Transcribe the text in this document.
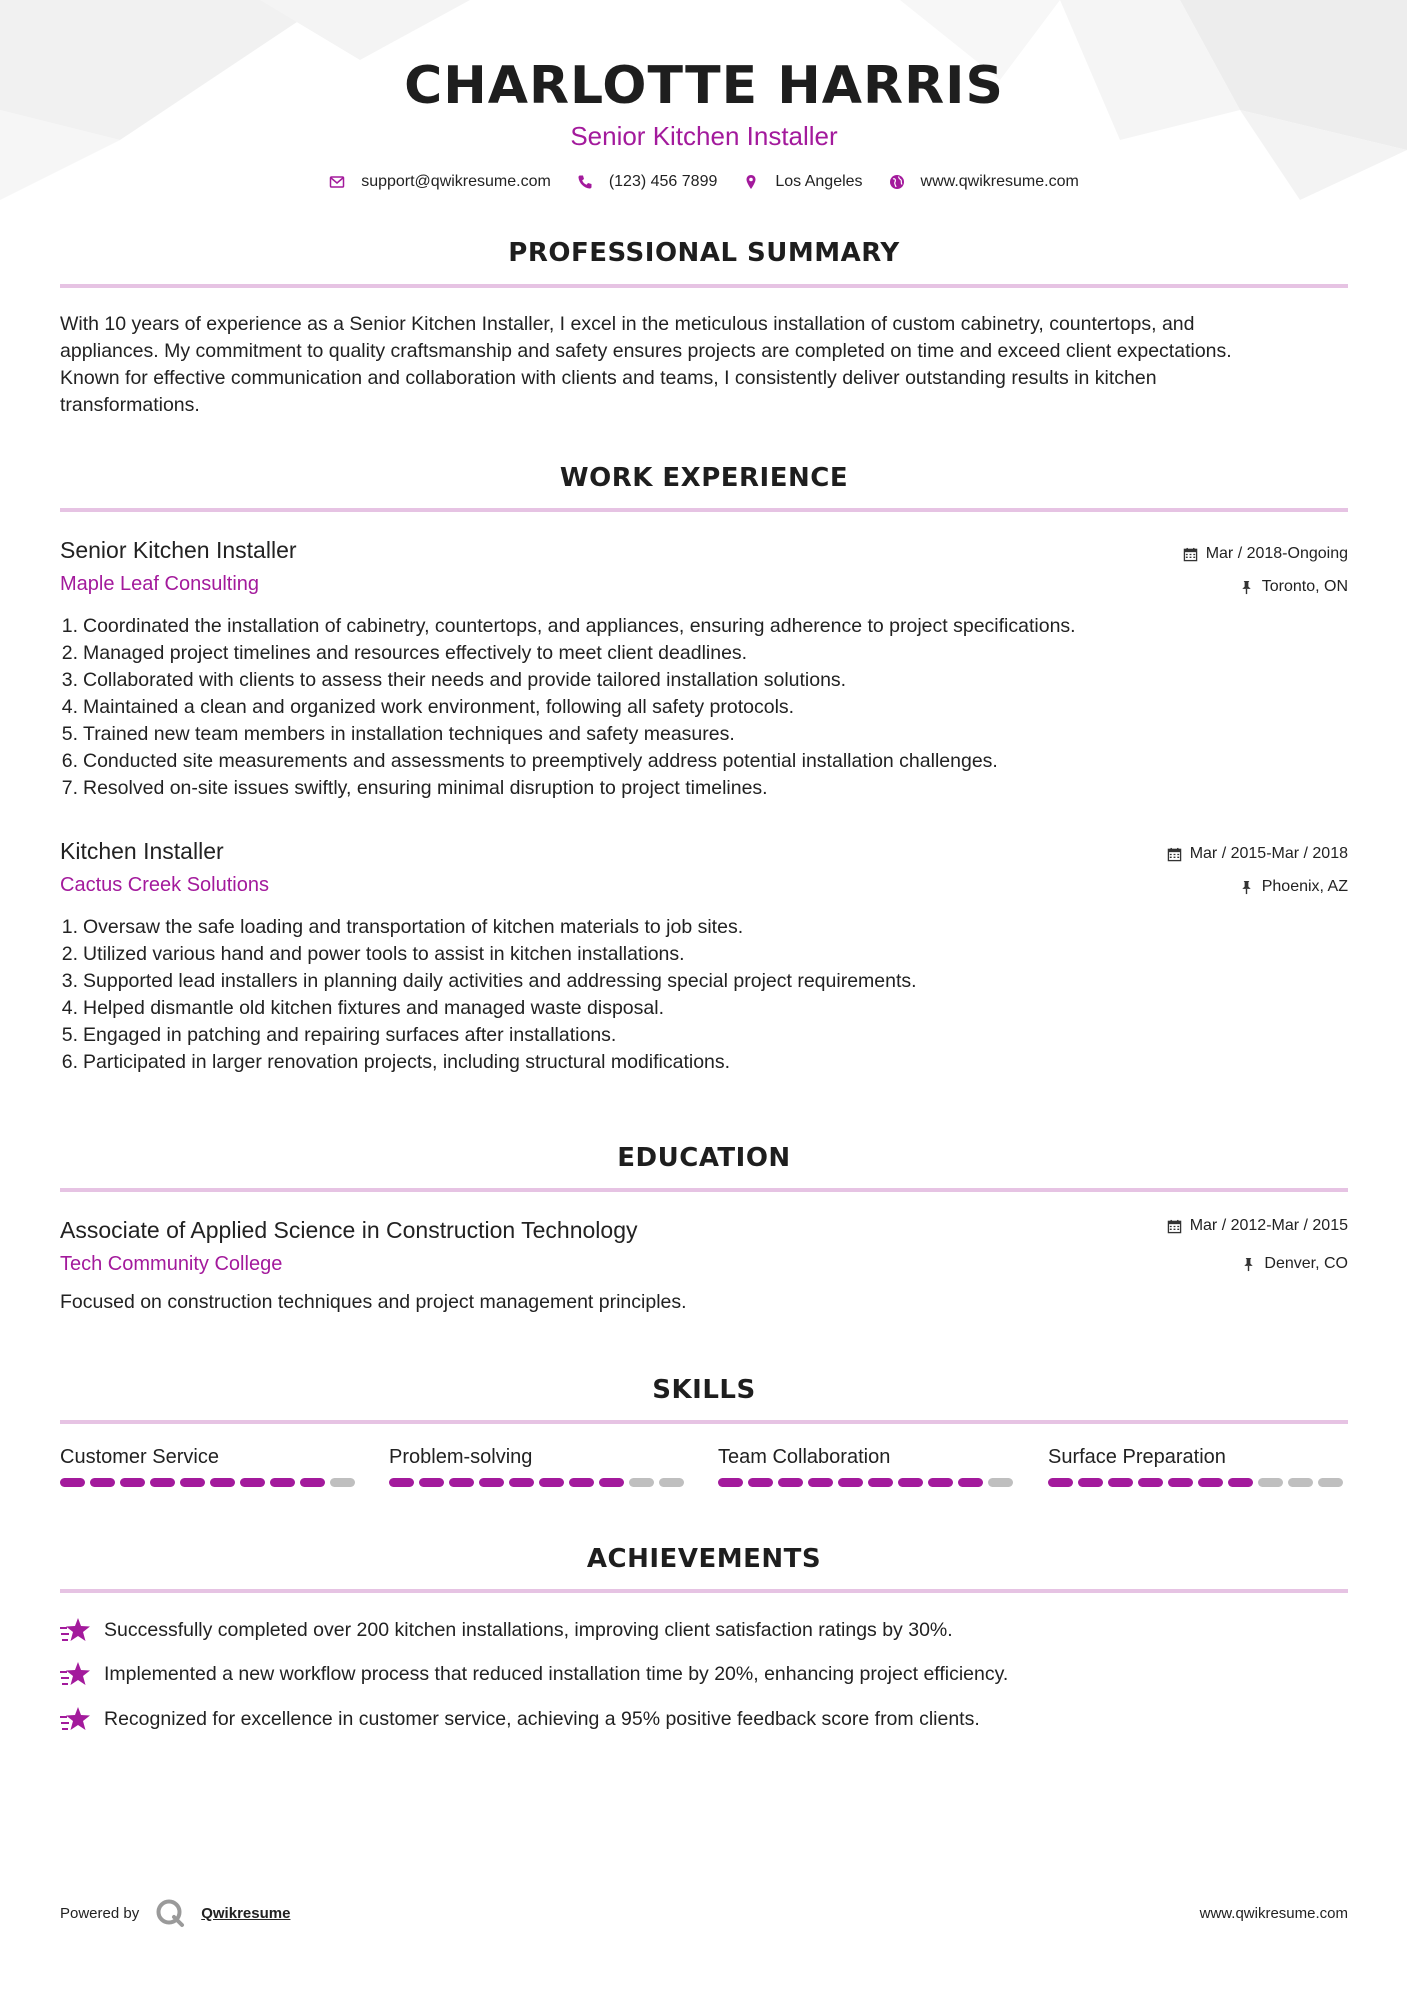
CHARLOTTE HARRIS
Senior Kitchen Installer
support@qwikresume.com	(123) 456 7899	Los Angeles	www.qwikresume.com
PROFESSIONAL SUMMARY
With 10 years of experience as a Senior Kitchen Installer, I excel in the meticulous installation of custom cabinetry, countertops, and
appliances. My commitment to quality craftsmanship and safety ensures projects are completed on time and exceed client expectations.
Known for effective communication and collaboration with clients and teams, I consistently deliver outstanding results in kitchen
transformations.
WORK EXPERIENCE
Senior Kitchen Installer
Maple Leaf Consulting
Mar / 2018-Ongoing
Toronto, ON
1. Coordinated the installation of cabinetry, countertops, and appliances, ensuring adherence to project specifications.
2. Managed project timelines and resources effectively to meet client deadlines.
3. Collaborated with clients to assess their needs and provide tailored installation solutions.
4. Maintained a clean and organized work environment, following all safety protocols.
5. Trained new team members in installation techniques and safety measures.
6. Conducted site measurements and assessments to preemptively address potential installation challenges.
7. Resolved on-site issues swiftly, ensuring minimal disruption to project timelines.
Kitchen Installer
Cactus Creek Solutions
Mar / 2015-Mar / 2018
Phoenix, AZ
1. Oversaw the safe loading and transportation of kitchen materials to job sites.
2. Utilized various hand and power tools to assist in kitchen installations.
3. Supported lead installers in planning daily activities and addressing special project requirements.
4. Helped dismantle old kitchen fixtures and managed waste disposal.
5. Engaged in patching and repairing surfaces after installations.
6. Participated in larger renovation projects, including structural modifications.
EDUCATION
Associate of Applied Science in Construction Technology
Tech Community College
Mar / 2012-Mar / 2015
Denver, CO
Focused on construction techniques and project management principles.
SKILLS
Customer Service	Problem-solving	Team Collaboration	Surface Preparation
ACHIEVEMENTS
Successfully completed over 200 kitchen installations, improving client satisfaction ratings by 30%.
Implemented a new workflow process that reduced installation time by 20%, enhancing project efficiency.
Recognized for excellence in customer service, achieving a 95% positive feedback score from clients.
Powered by	Qwikresume	www.qwikresume.com
